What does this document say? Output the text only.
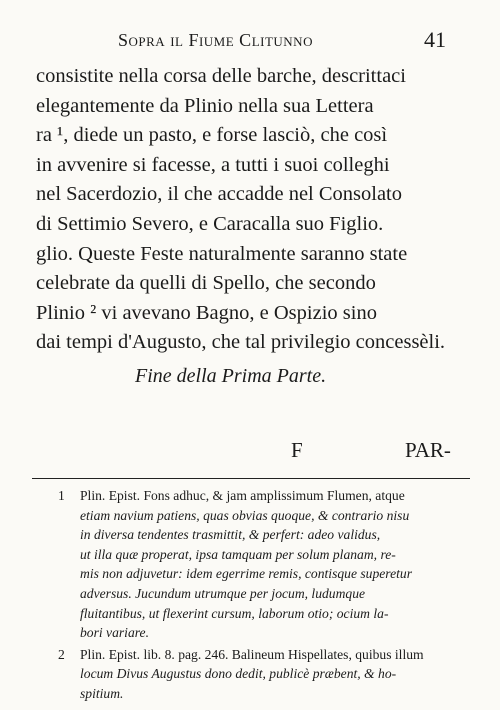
Sopra il Fiume Clitunno	41
consistite nella corsa delle barche, descrittaci
elegantemente da Plinio nella sua Lettera
ra ¹, diede un pasto, e forse lasciò, che così
in avvenire si facesse, a tutti i suoi colleghi
nel Sacerdozio, il che accadde nel Consolato
di Settimio Severo, e Caracalla suo Figlio.
glio. Queste Feste naturalmente saranno state
celebrate da quelli di Spello, che secondo
Plinio ² vi avevano Bagno, e Ospizio sino
dai tempi d'Augusto, che tal privilegio concessèli.
Fine della Prima Parte.
F	PAR-
1	Plin. Epist. Fons adhuc, & jam amplissimum Flumen, atque
etiam navium patiens, quas obvias quoque, & contrario nisu
in diversa tendentes trasmittit, & perfert: adeo validus,
ut illa quæ properat, ipsa tamquam per solum planam, re-
mis non adjuvetur: idem egerrime remis, contisque superetur
adversus. Jucundum utrumque per jocum, ludumque
fluitantibus, ut flexerint cursum, laborum otio; ocium la-
bori variare.
2	Plin. Epist. lib. 8. pag. 246. Balineum Hispellates, quibus illum
locum Divus Augustus dono dedit, publicè præbent, & ho-
spitium.
